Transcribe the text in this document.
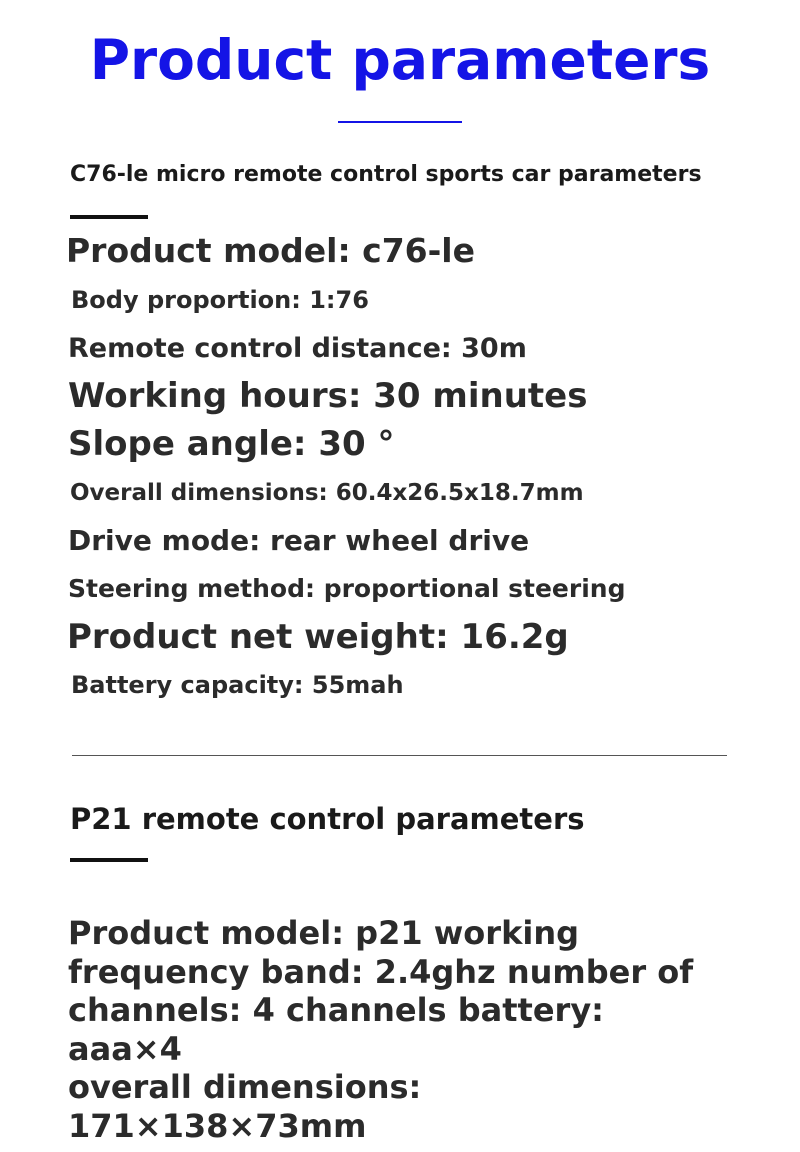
Product parameters
C76-le micro remote control sports car parameters
Product model: c76-le
Body proportion: 1:76
Remote control distance: 30m
Working hours: 30 minutes
Slope angle: 30 °
Overall dimensions: 60.4x26.5x18.7mm
Drive mode: rear wheel drive
Steering method: proportional steering
Product net weight: 16.2g
Battery capacity: 55mah
P21 remote control parameters
Product model: p21 working
frequency band: 2.4ghz number of
channels: 4 channels battery: aaa×4
overall dimensions: 171×138×73mm
